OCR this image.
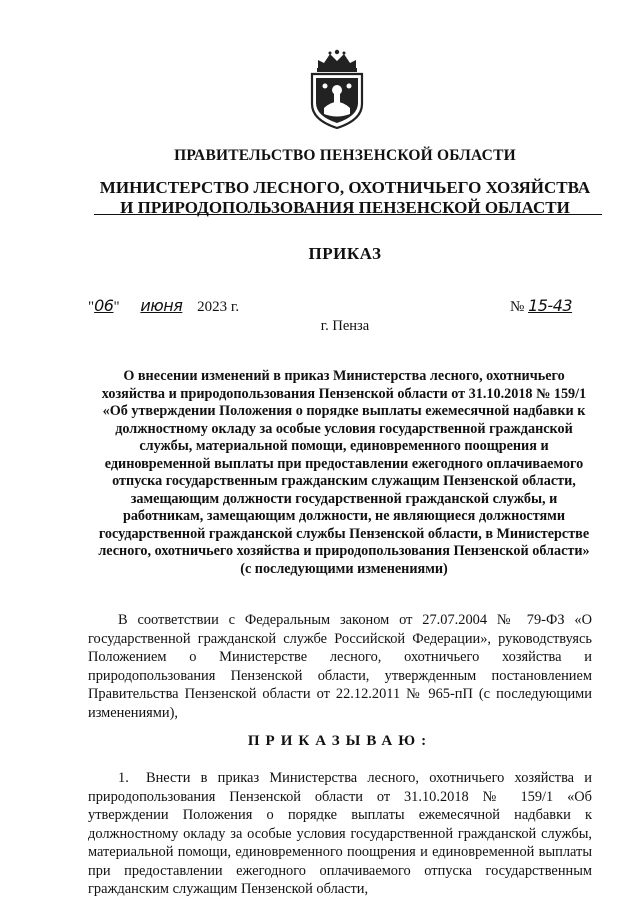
ПРАВИТЕЛЬСТВО ПЕНЗЕНСКОЙ ОБЛАСТИ
МИНИСТЕРСТВО ЛЕСНОГО, ОХОТНИЧЬЕГО ХОЗЯЙСТВА
И ПРИРОДОПОЛЬЗОВАНИЯ ПЕНЗЕНСКОЙ ОБЛАСТИ
ПРИКАЗ
"06" июня 2023 г.	№ 15-43
г. Пенза
О внесении изменений в приказ Министерства лесного, охотничьего хозяйства и природопользования Пензенской области от 31.10.2018 № 159/1 «Об утверждении Положения о порядке выплаты ежемесячной надбавки к должностному окладу за особые условия государственной гражданской службы, материальной помощи, единовременного поощрения и единовременной выплаты при предоставлении ежегодного оплачиваемого отпуска государственным гражданским служащим Пензенской области, замещающим должности государственной гражданской службы, и работникам, замещающим должности, не являющиеся должностями государственной гражданской службы Пензенской области, в Министерстве лесного, охотничьего хозяйства и природопользования Пензенской области» (с последующими изменениями)
В соответствии с Федеральным законом от 27.07.2004 № 79-ФЗ «О государственной гражданской службе Российской Федерации», руководствуясь Положением о Министерстве лесного, охотничьего хозяйства и природопользования Пензенской области, утвержденным постановлением Правительства Пензенской области от 22.12.2011 № 965-пП (с последующими изменениями),
ПРИКАЗЫВАЮ:
1. Внести в приказ Министерства лесного, охотничьего хозяйства и природопользования Пензенской области от 31.10.2018 № 159/1 «Об утверждении Положения о порядке выплаты ежемесячной надбавки к должностному окладу за особые условия государственной гражданской службы, материальной помощи, единовременного поощрения и единовременной выплаты при предоставлении ежегодного оплачиваемого отпуска государственным гражданским служащим Пензенской области,
